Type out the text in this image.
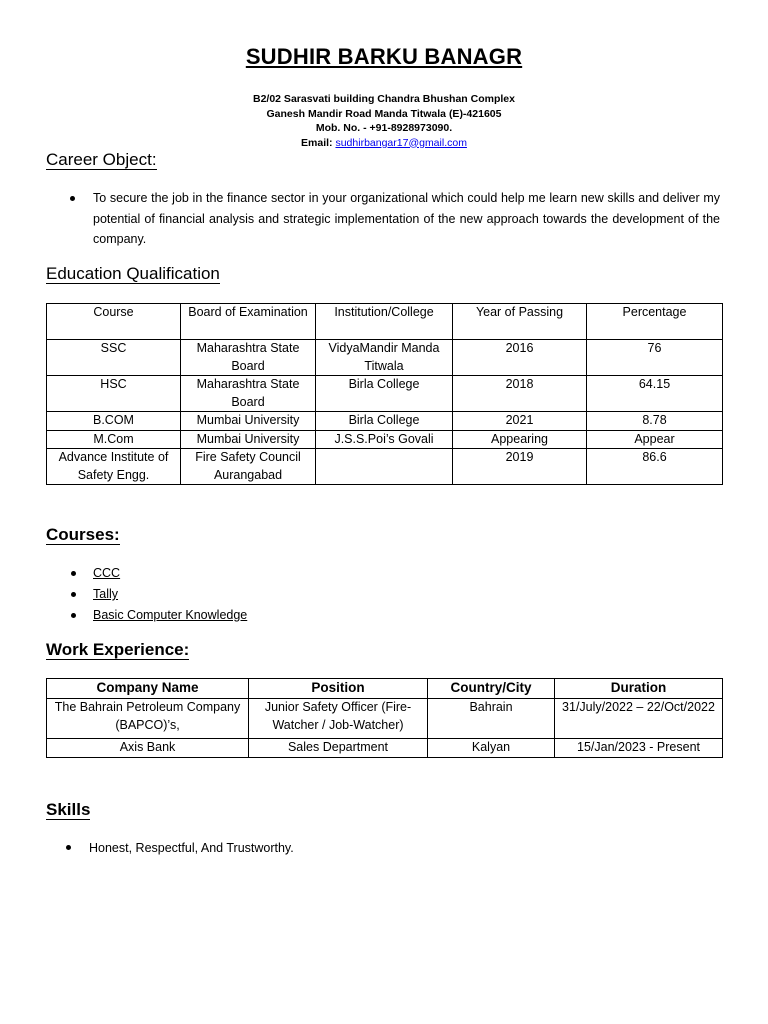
SUDHIR BARKU BANAGR
B2/02 Sarasvati building Chandra Bhushan Complex
Ganesh Mandir Road Manda Titwala (E)-421605
Mob. No. - +91-8928973090.
Email: sudhirbangar17@gmail.com
Career Object:
To secure the job in the finance sector in your organizational which could help me learn new skills and deliver my potential of financial analysis and strategic implementation of the new approach towards the development of the company.
Education Qualification
Course	Board of Examination	Institution/College	Year of Passing	Percentage
SSC	Maharashtra State Board	VidyaMandir Manda Titwala	2016	76
HSC	Maharashtra State Board	Birla College	2018	64.15
B.COM	Mumbai University	Birla College	2021	8.78
M.Com	Mumbai University	J.S.S.Poi’s Govali	Appearing	Appear
Advance Institute of Safety Engg.	Fire Safety Council Aurangabad		2019	86.6
Courses:
CCC
Tally
Basic Computer Knowledge
Work Experience:
Company Name	Position	Country/City	Duration
The Bahrain Petroleum Company (BAPCO)’s,	Junior Safety Officer (Fire-Watcher / Job-Watcher)	Bahrain	31/July/2022 – 22/Oct/2022
Axis Bank	Sales Department	Kalyan	15/Jan/2023 - Present
Skills
Honest, Respectful, And Trustworthy.
